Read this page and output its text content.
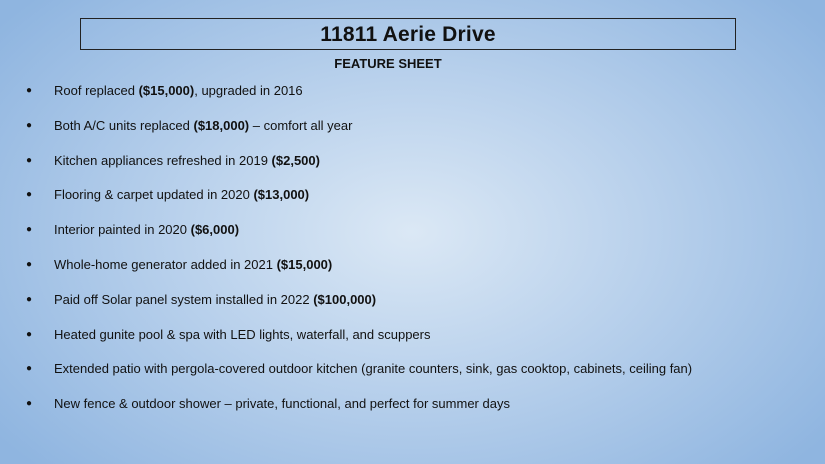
11811 Aerie Drive
FEATURE SHEET
● Roof replaced ($15,000), upgraded in 2016
● Both A/C units replaced ($18,000) – comfort all year
● Kitchen appliances refreshed in 2019 ($2,500)
● Flooring & carpet updated in 2020 ($13,000)
● Interior painted in 2020 ($6,000)
● Whole-home generator added in 2021 ($15,000)
● Paid off Solar panel system installed in 2022 ($100,000)
● Heated gunite pool & spa with LED lights, waterfall, and scuppers
● Extended patio with pergola-covered outdoor kitchen (granite counters, sink, gas cooktop, cabinets, ceiling fan)
● New fence & outdoor shower – private, functional, and perfect for summer days
